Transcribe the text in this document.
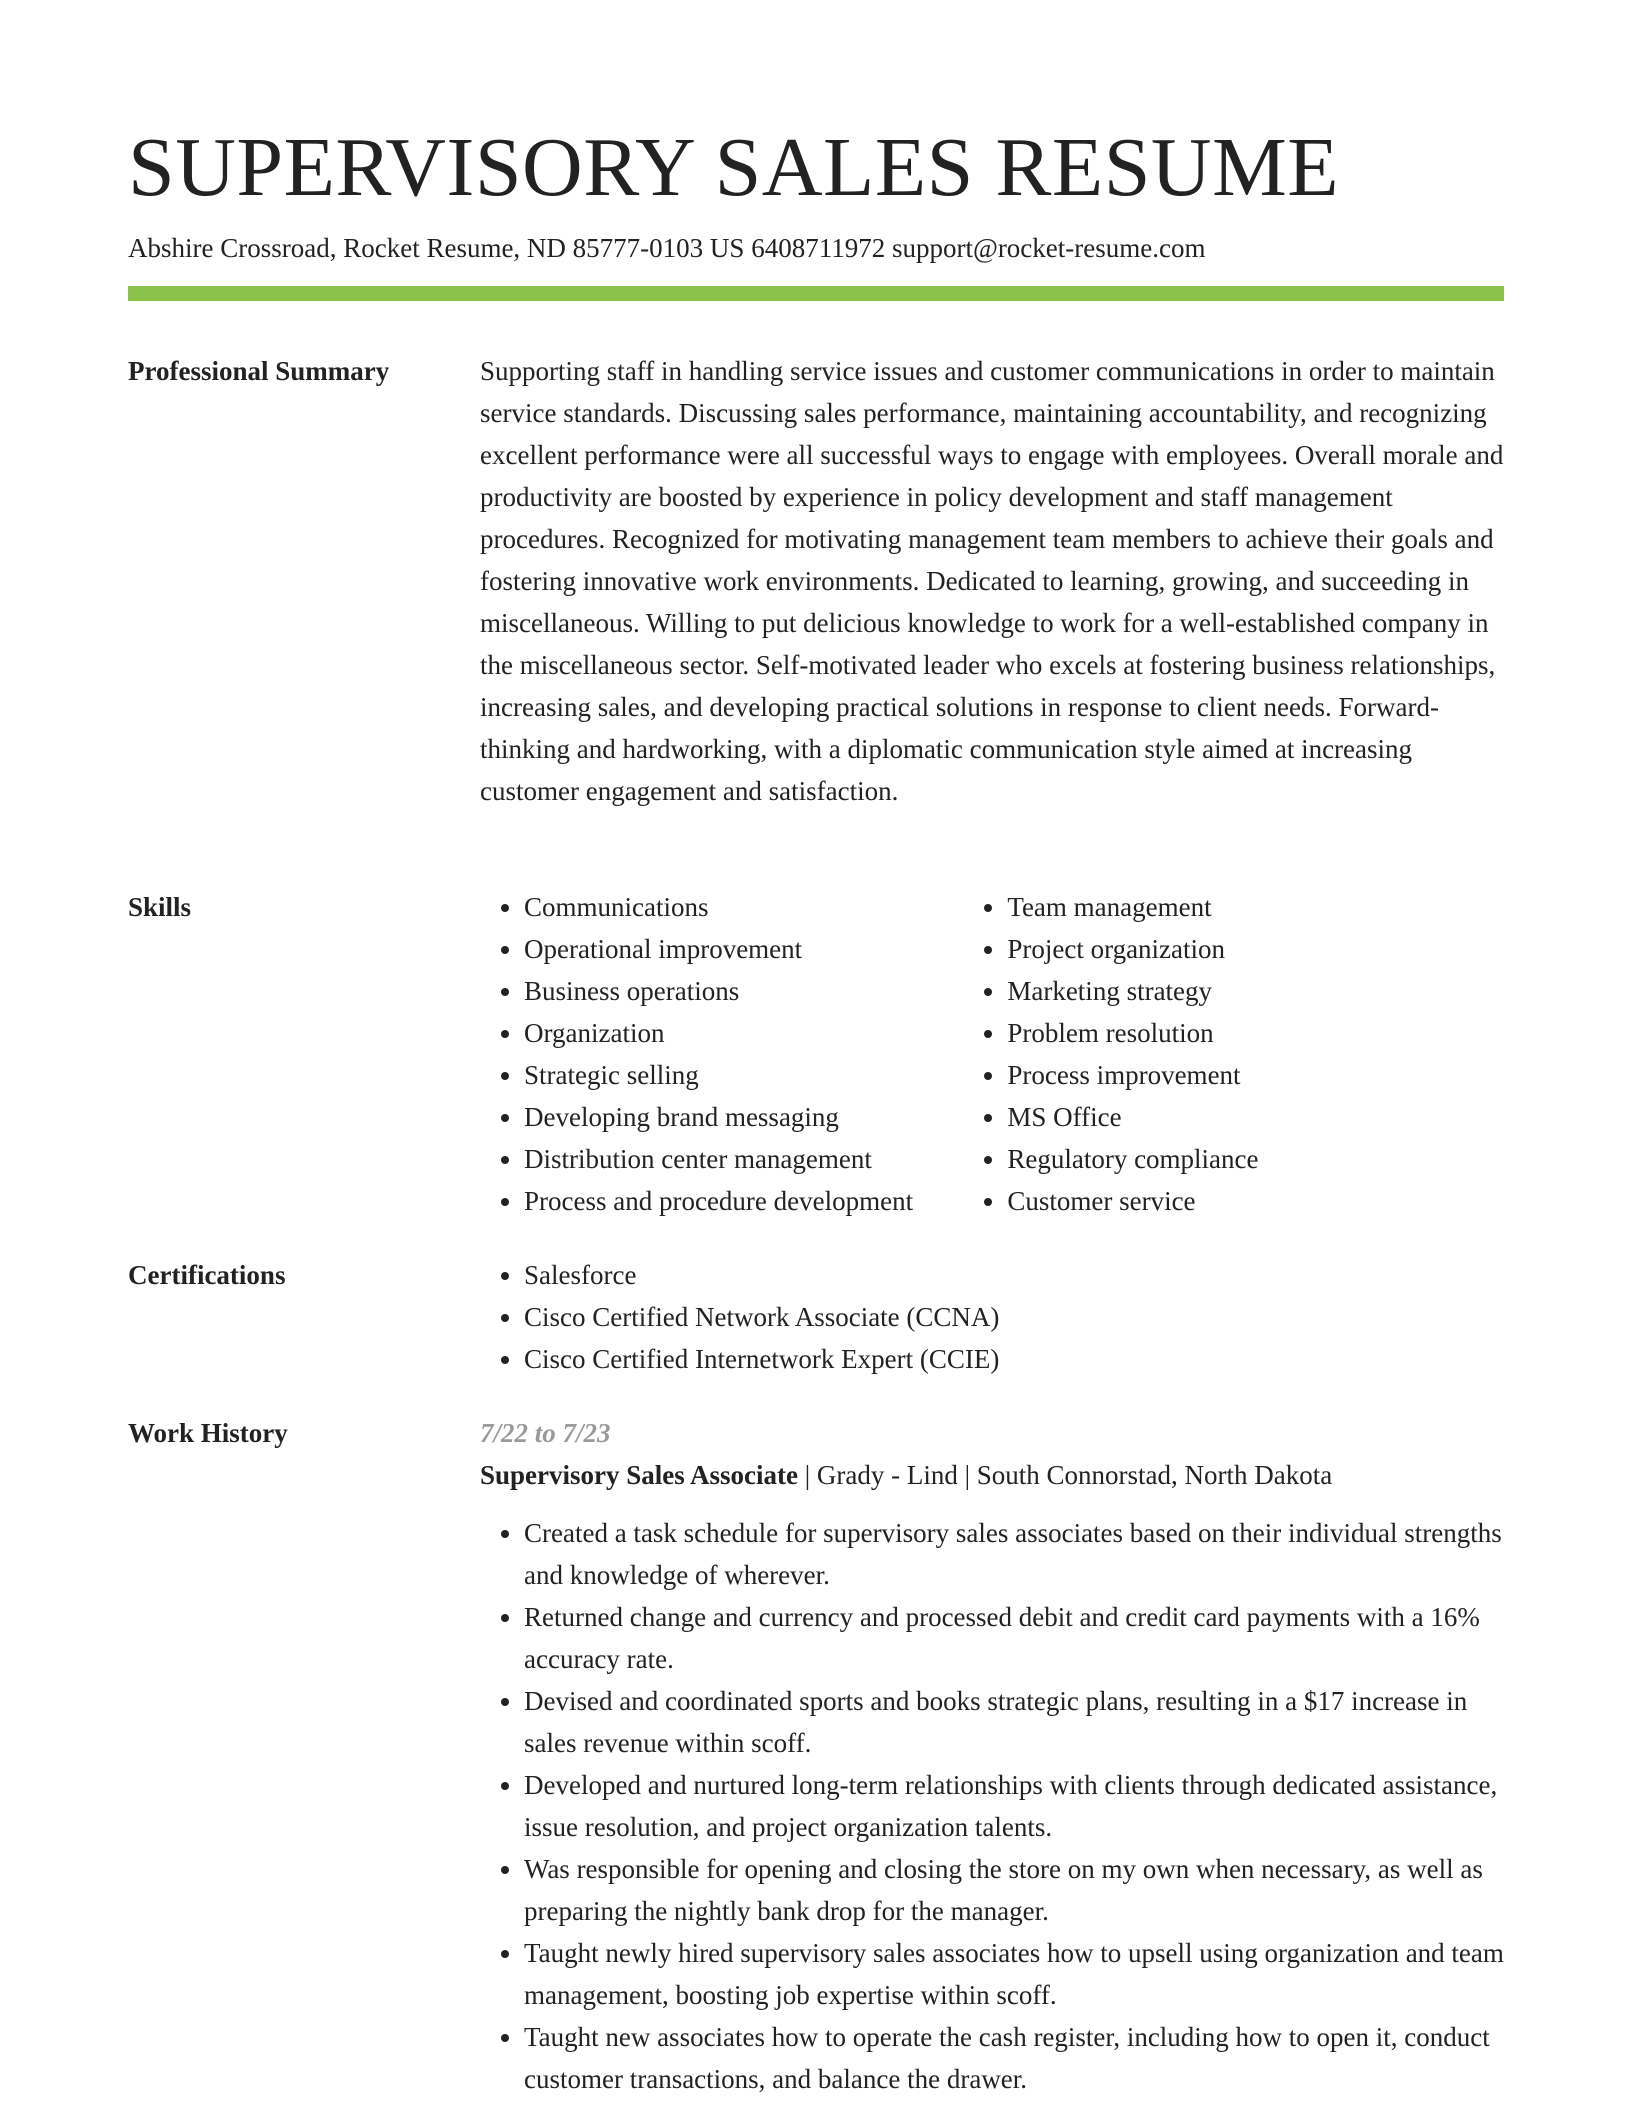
SUPERVISORY SALES RESUME
Abshire Crossroad, Rocket Resume, ND 85777-0103 US 6408711972 support@rocket-resume.com
Professional Summary	Supporting staff in handling service issues and customer communications in order to maintain service standards. Discussing sales performance, maintaining accountability, and recognizing excellent performance were all successful ways to engage with employees. Overall morale and productivity are boosted by experience in policy development and staff management procedures. Recognized for motivating management team members to achieve their goals and fostering innovative work environments. Dedicated to learning, growing, and succeeding in miscellaneous. Willing to put delicious knowledge to work for a well-established company in the miscellaneous sector. Self-motivated leader who excels at fostering business relationships, increasing sales, and developing practical solutions in response to client needs. Forward-thinking and hardworking, with a diplomatic communication style aimed at increasing customer engagement and satisfaction.

Skills	• Communications
• Operational improvement
• Business operations
• Organization
• Strategic selling
• Developing brand messaging
• Distribution center management
• Process and procedure development
• Team management
• Project organization
• Marketing strategy
• Problem resolution
• Process improvement
• MS Office
• Regulatory compliance
• Customer service
Certifications	• Salesforce
• Cisco Certified Network Associate (CCNA)
• Cisco Certified Internetwork Expert (CCIE)
Work History	7/22 to 7/23
Supervisory Sales Associate | Grady - Lind | South Connorstad, North Dakota
• Created a task schedule for supervisory sales associates based on their individual strengths and knowledge of wherever.
• Returned change and currency and processed debit and credit card payments with a 16% accuracy rate.
• Devised and coordinated sports and books strategic plans, resulting in a $17 increase in sales revenue within scoff.
• Developed and nurtured long-term relationships with clients through dedicated assistance, issue resolution, and project organization talents.
• Was responsible for opening and closing the store on my own when necessary, as well as preparing the nightly bank drop for the manager.
• Taught newly hired supervisory sales associates how to upsell using organization and team management, boosting job expertise within scoff.
• Taught new associates how to operate the cash register, including how to open it, conduct customer transactions, and balance the drawer.
